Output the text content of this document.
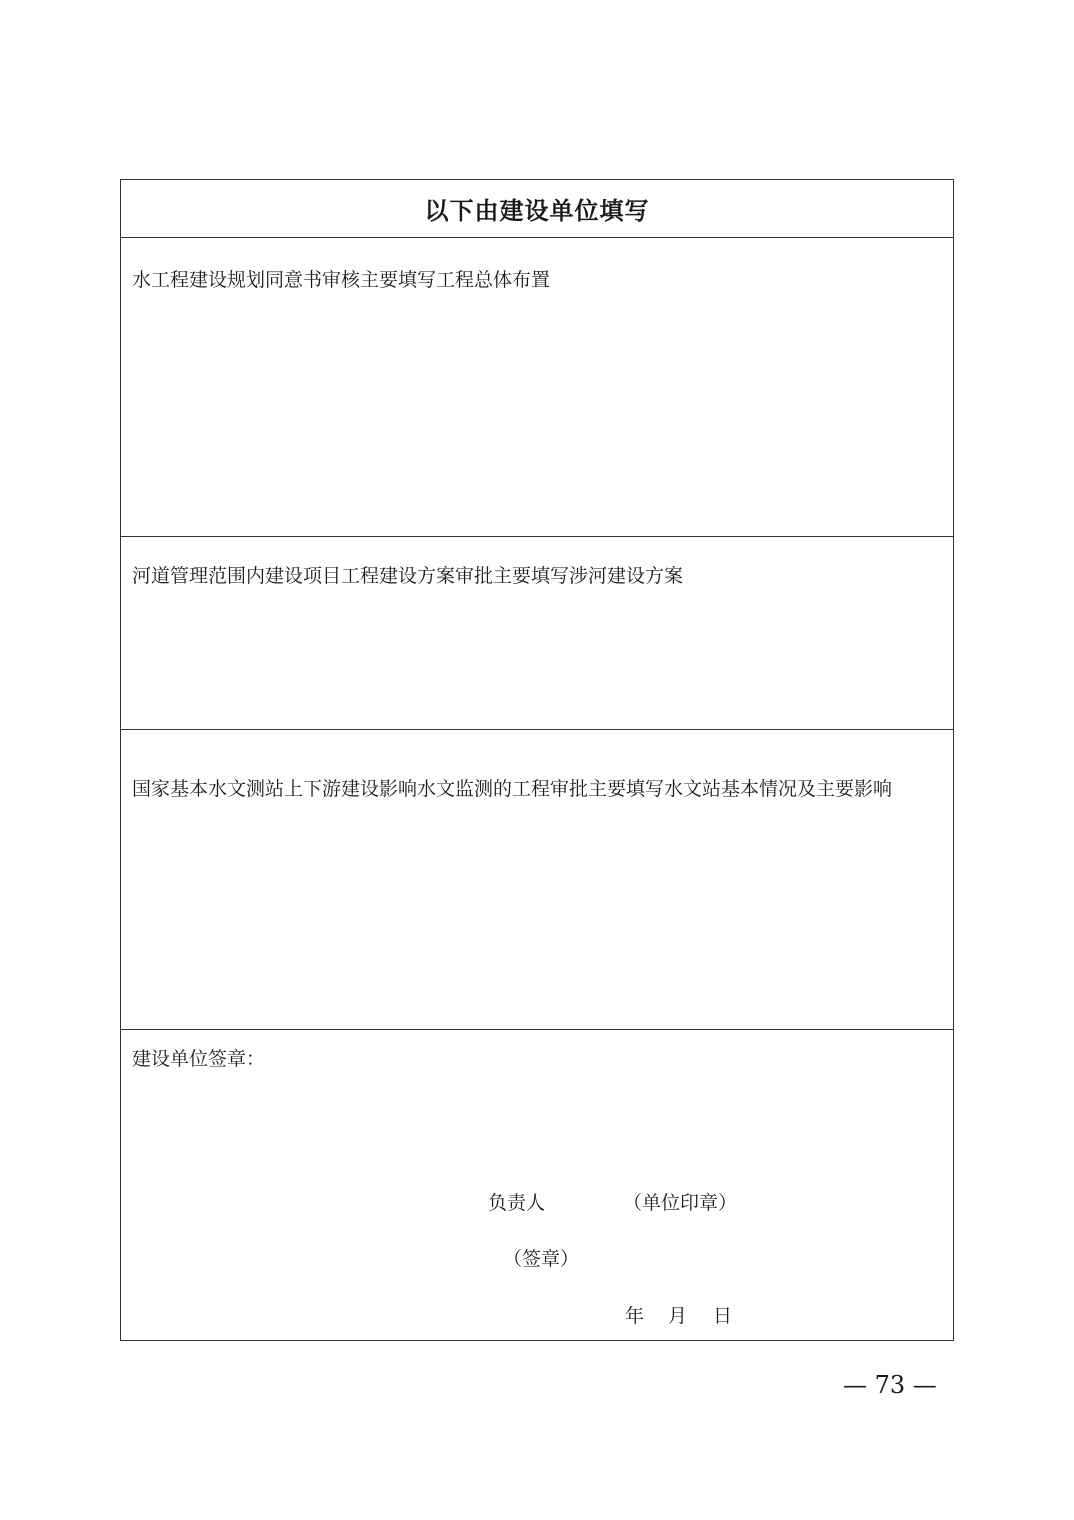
以下由建设单位填写

水工程建设规划同意书审核主要填写工程总体布置

河道管理范围内建设项目工程建设方案审批主要填写涉河建设方案

国家基本水文测站上下游建设影响水文监测的工程审批主要填写水文站基本情况及主要影响

建设单位签章：

负责人	（单位印章）
（签章）
年 月 日
— 73 —
